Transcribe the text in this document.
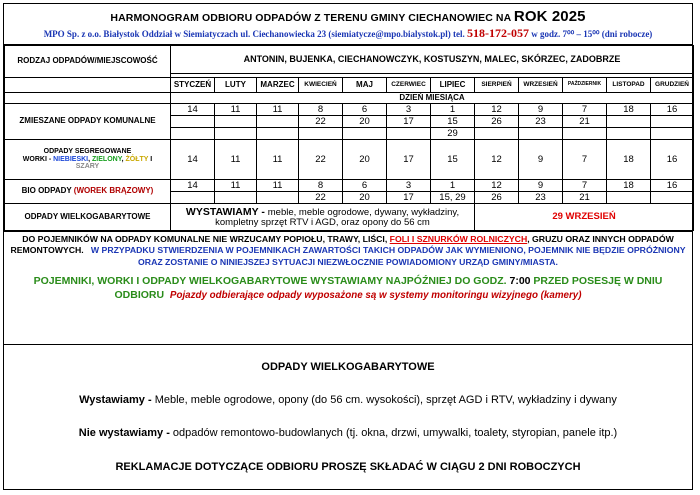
HARMONOGRAM ODBIORU ODPADÓW Z TERENU GMINY CIECHANOWIEC NA ROK 2025
MPO Sp. z o.o. Białystok Oddział w Siemiatyczach ul. Ciechanowiecka 23 (siemiatycze@mpo.bialystok.pl) tel. 518-172-057 w godz. 7⁰⁰ – 15⁰⁰ (dni robocze)
RODZAJ ODPADÓW/MIEJSCOWOŚĆ	ANTONIN, BUJENKA, CIECHANOWCZYK, KOSTUSZYN, MALEC, SKÓRZEC, ZADOBRZE											

	STYCZEŃ	LUTY	MARZEC	KWIECIEŃ	MAJ	CZERWIEC	LIPIEC	SIERPIEŃ	WRZESIEŃ	PAŹDZIERNIK	LISTOPAD	GRUDZIEŃ
	DZIEŃ MIESIĄCA											
ZMIESZANE ODPADY KOMUNALNE	14	11	11	8	6	3	1	12	9	7	18	16
				22	20	17	15	26	23	21		
							29					

ODPADY SEGREGOWANE
WORKI - NIEBIESKI, ZIELONY, ŻÓŁTY I
SZARY	14	11	11	22	20	17	15	12	9	7	18	16
BIO ODPADY (WOREK BRĄZOWY)	14	11	11	8	6	3	1	12	9	7	18	16
				22	20	17	15, 29	26	23	21		
ODPADY WIELKOGABARYTOWE	WYSTAWIAMY - meble, meble ogrodowe, dywany, wykładziny, kompletny sprzęt RTV i AGD, oraz opony do 56 cm							29 WRZESIEŃ				
DO POJEMNIKÓW NA ODPADY KOMUNALNE NIE WRZUCAMY POPIOŁU, TRAWY, LIŚCI, FOLI I SZNURKÓW ROLNICZYCH, GRUZU ORAZ INNYCH ODPADÓW REMONTOWYCH. W PRZYPADKU STWIERDZENIA W POJEMNIKACH ZAWARTOŚCI TAKICH ODPADÓW JAK WYMIENIONO, POJEMNIK NIE BĘDZIE OPRÓŻNIONY ORAZ ZOSTANIE O NINIEJSZEJ SYTUACJI NIEZWŁOCZNIE POWIADOMIONY URZĄD GMINY/MIASTA.
POJEMNIKI, WORKI I ODPADY WIELKOGABARYTOWE WYSTAWIAMY NAJPÓŹNIEJ DO GODZ. 7:00 PRZED POSESJĘ W DNIU ODBIORU Pojazdy odbierające odpady wyposażone są w systemy monitoringu wizyjnego (kamery)
ODPADY WIELKOGABARYTOWE
Wystawiamy - Meble, meble ogrodowe, opony (do 56 cm. wysokości), sprzęt AGD i RTV, wykładziny i dywany
Nie wystawiamy - odpadów remontowo-budowlanych (tj. okna, drzwi, umywalki, toalety, styropian, panele itp.)
REKLAMACJE DOTYCZĄCE ODBIORU PROSZĘ SKŁADAĆ W CIĄGU 2 DNI ROBOCZYCH
